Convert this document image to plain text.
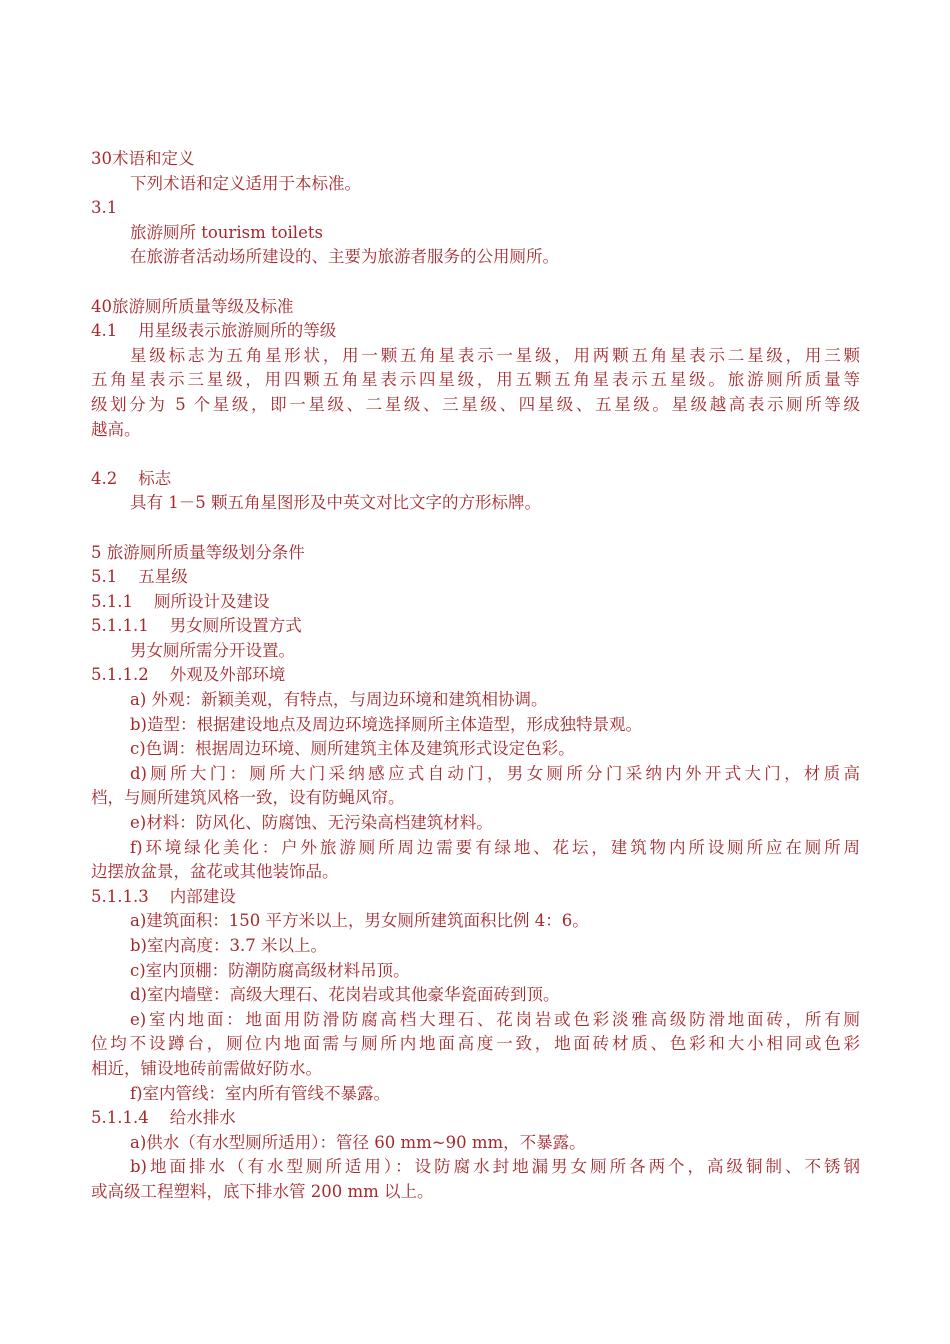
30术语和定义
下列术语和定义适用于本标准。
3.1
旅游厕所 tourism toilets
在旅游者活动场所建设的、主要为旅游者服务的公用厕所。
40旅游厕所质量等级及标准
4.1    用星级表示旅游厕所的等级
星级标志为五角星形状，用一颗五角星表示一星级，用两颗五角星表示二星级，用三颗
五角星表示三星级，用四颗五角星表示四星级，用五颗五角星表示五星级。旅游厕所质量等
级划分为 5 个星级，即一星级、二星级、三星级、四星级、五星级。星级越高表示厕所等级
越高。
4.2    标志
具有 1－5 颗五角星图形及中英文对比文字的方形标牌。
5 旅游厕所质量等级划分条件
5.1    五星级
5.1.1    厕所设计及建设
5.1.1.1    男女厕所设置方式
男女厕所需分开设置。
5.1.1.2    外观及外部环境
a) 外观：新颖美观，有特点，与周边环境和建筑相协调。
b)造型：根据建设地点及周边环境选择厕所主体造型，形成独特景观。
c)色调：根据周边环境、厕所建筑主体及建筑形式设定色彩。
d)厕所大门：厕所大门采纳感应式自动门，男女厕所分门采纳内外开式大门，材质高
档，与厕所建筑风格一致，设有防蝇风帘。
e)材料：防风化、防腐蚀、无污染高档建筑材料。
f)环境绿化美化：户外旅游厕所周边需要有绿地、花坛，建筑物内所设厕所应在厕所周
边摆放盆景，盆花或其他装饰品。
5.1.1.3    内部建设
a)建筑面积：150 平方米以上，男女厕所建筑面积比例 4：6。
b)室内高度：3.7 米以上。
c)室内顶棚：防潮防腐高级材料吊顶。
d)室内墙壁：高级大理石、花岗岩或其他豪华瓷面砖到顶。
e)室内地面：地面用防滑防腐高档大理石、花岗岩或色彩淡雅高级防滑地面砖，所有厕
位均不设蹲台，厕位内地面需与厕所内地面高度一致，地面砖材质、色彩和大小相同或色彩
相近，铺设地砖前需做好防水。
f)室内管线：室内所有管线不暴露。
5.1.1.4    给水排水
a)供水（有水型厕所适用）：管径 60 mm~90 mm，不暴露。
b)地面排水（有水型厕所适用）：设防腐水封地漏男女厕所各两个，高级铜制、不锈钢
或高级工程塑料，底下排水管 200 mm 以上。
